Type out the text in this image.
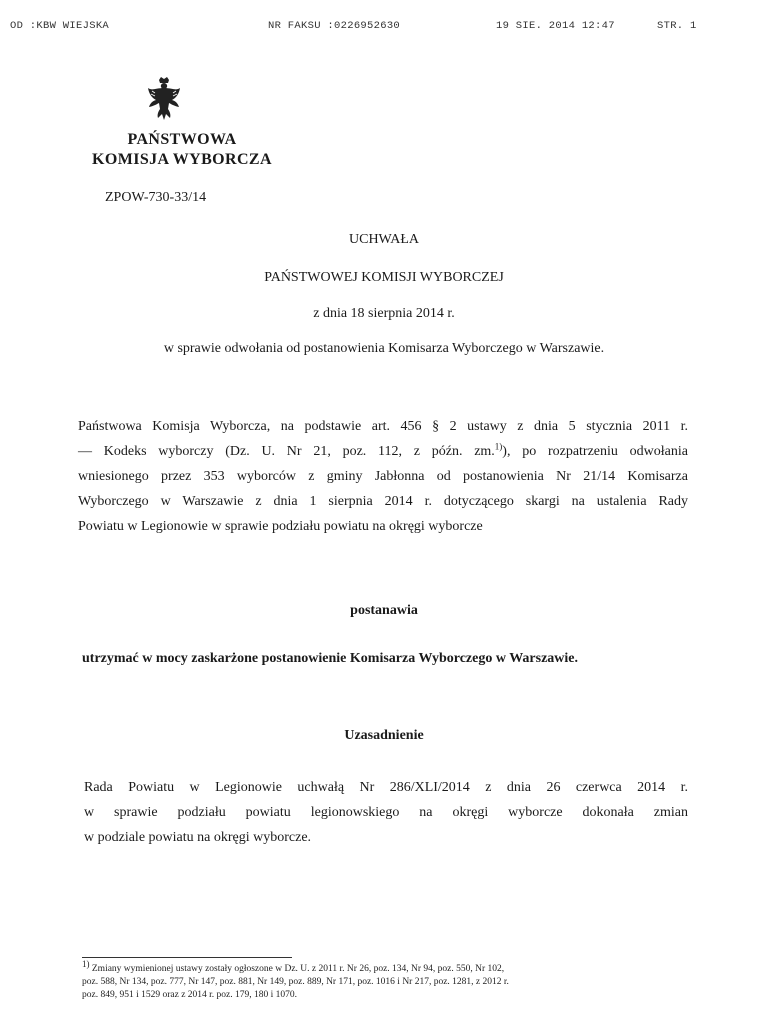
OD :KBW WIEJSKA	NR FAKSU :0226952630	19 SIE. 2014 12:47	STR. 1
PAŃSTWOWA
KOMISJA WYBORCZA
ZPOW-730-33/14
UCHWAŁA
PAŃSTWOWEJ KOMISJI WYBORCZEJ
z dnia 18 sierpnia 2014 r.
w sprawie odwołania od postanowienia Komisarza Wyborczego w Warszawie.
Państwowa Komisja Wyborcza, na podstawie art. 456 § 2 ustawy z dnia 5 stycznia 2011 r.
— Kodeks wyborczy (Dz. U. Nr 21, poz. 112, z późn. zm.$^{1)}$), po rozpatrzeniu odwołania
wniesionego przez 353 wyborców z gminy Jabłonna od postanowienia Nr 21/14 Komisarza
Wyborczego w Warszawie z dnia 1 sierpnia 2014 r. dotyczącego skargi na ustalenia Rady
Powiatu w Legionowie w sprawie podziału powiatu na okręgi wyborcze
postanawia
utrzymać w mocy zaskarżone postanowienie Komisarza Wyborczego w Warszawie.
Uzasadnienie
Rada Powiatu w Legionowie uchwałą Nr 286/XLI/2014 z dnia 26 czerwca 2014 r.
w sprawie podziału powiatu legionowskiego na okręgi wyborcze dokonała zmian
w podziale powiatu na okręgi wyborcze.
$^{1)}$ Zmiany wymienionej ustawy zostały ogłoszone w Dz. U. z 2011 r. Nr 26, poz. 134, Nr 94, poz. 550, Nr 102,
poz. 588, Nr 134, poz. 777, Nr 147, poz. 881, Nr 149, poz. 889, Nr 171, poz. 1016 i Nr 217, poz. 1281, z 2012 r.
poz. 849, 951 i 1529 oraz z 2014 r. poz. 179, 180 i 1070.
